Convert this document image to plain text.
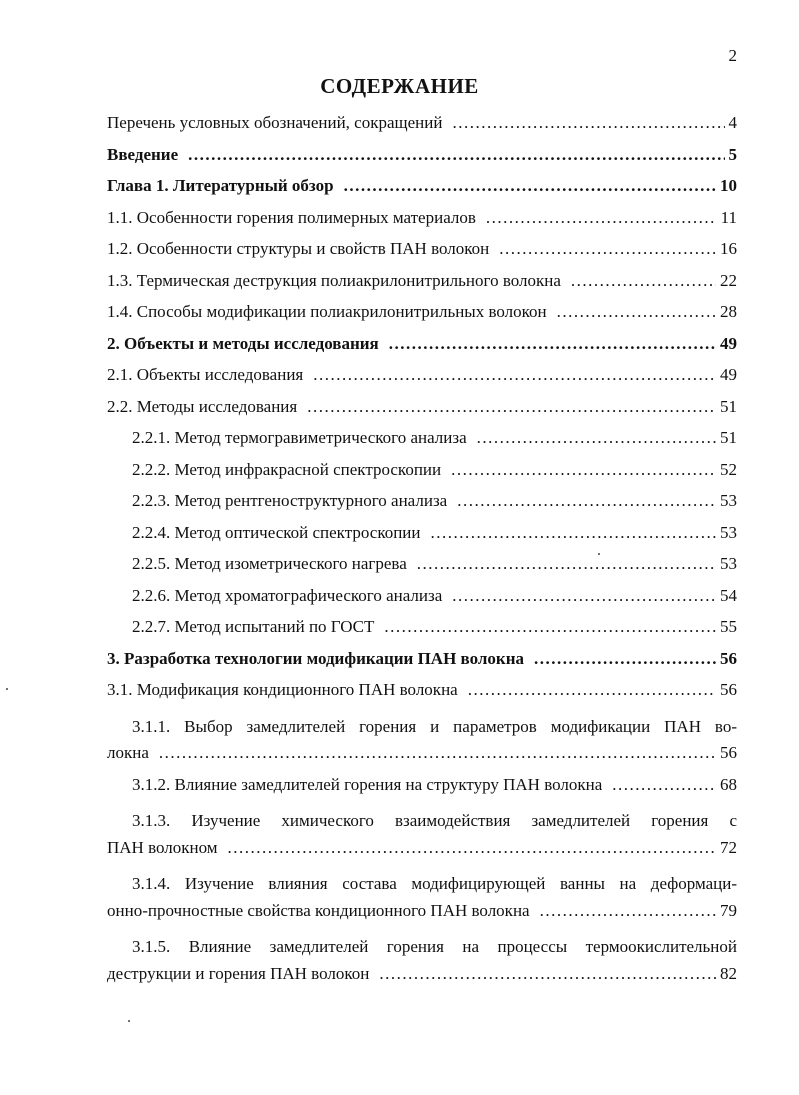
2
СОДЕРЖАНИЕ
Перечень условных обозначений, сокращений .....	4
Введение .....	5
Глава 1. Литературный обзор .....	10
1.1. Особенности горения полимерных материалов .....	11
1.2. Особенности структуры и свойств ПАН волокон .....	16
1.3. Термическая деструкция полиакрилонитрильного волокна .....	22
1.4. Способы модификации полиакрилонитрильных волокон .....	28
2. Объекты и методы исследования .....	49
2.1. Объекты исследования .....	49
2.2. Методы исследования .....	51
2.2.1. Метод термогравиметрического анализа .....	51
2.2.2. Метод инфракрасной спектроскопии .....	52
2.2.3. Метод рентгеноструктурного анализа .....	53
2.2.4. Метод оптической спектроскопии .....	53
2.2.5. Метод изометрического нагрева .....	53
2.2.6. Метод хроматографического анализа .....	54
2.2.7. Метод испытаний по ГОСТ .....	55
3. Разработка технологии модификации ПАН волокна .....	56
3.1. Модификация кондиционного ПАН волокна .....	56

3.1.1. Выбор замедлителей горения и параметров модификации ПАН во-

локна .....	56
3.1.2. Влияние замедлителей горения на структуру ПАН волокна .....	68

3.1.3. Изучение химического взаимодействия замедлителей горения с

ПАН волокном .....	72

3.1.4. Изучение влияния состава модифицирующей ванны на деформаци-

онно-прочностные свойства кондиционного ПАН волокна .....	79

3.1.5. Влияние замедлителей горения на процессы термоокислительной

деструкции и горения ПАН волокон .....	82
